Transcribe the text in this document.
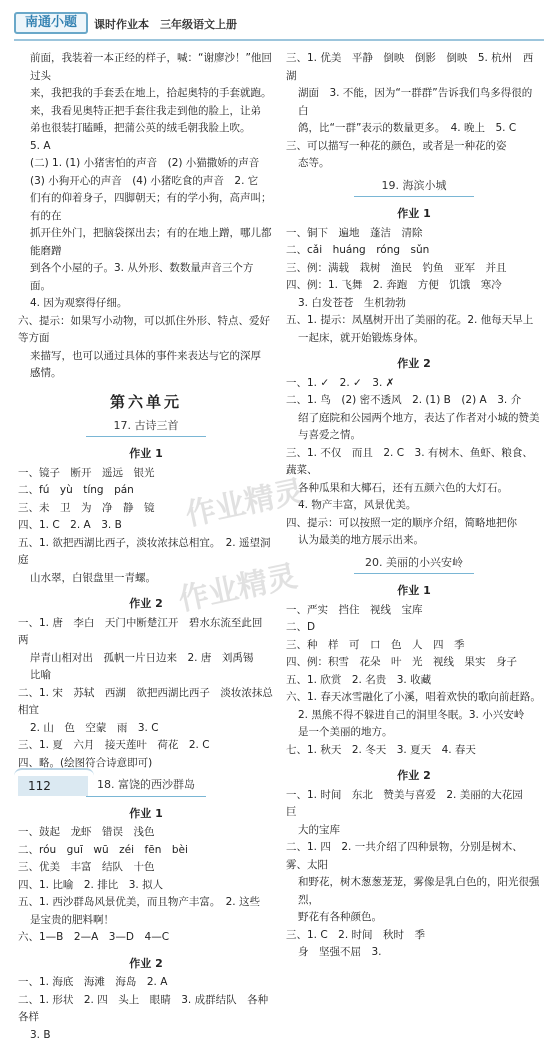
南通小题	课时作业本　三年级语文上册
前面，我装着一本正经的样子，喊：“谢廖沙！”他回过头
来，我把我的手套丢在地上，拾起奥特的手套就跑。
来，我看见奥特正把手套往我走到他的脸上，让弟
弟也很装打瞌睡，把蒲公英的绒毛朝我脸上吹。
5. A
(二) 1. (1) 小猪害怕的声音　(2) 小猫撒娇的声音
(3) 小狗开心的声音　(4) 小猪吃食的声音　2. 它
们有的仰着身子，四脚朝天；有的学小狗，高声叫；有的在
抓开住外门，把脑袋探出去；有的在地上蹭，哪儿都能磨蹭
到各个小屋的子。3. 从外形、数数量声音三个方面。
4. 因为观察得仔细。
六、提示：如果写小动物，可以抓住外形、特点、爱好等方面
来描写，也可以通过具体的事件来表达与它的深厚
感情。
第六单元
17. 古诗三首
作业 1
一、镜子　断开　遥远　银光
二、fú　yù　tíng　pán
三、未　卫　为　净　静　镜
四、1. C　2. A　3. B
五、1. 欲把西湖比西子，淡妆浓抹总相宜。　2. 遥望洞庭
山水翠，白银盘里一青螺。
作业 2
一、1. 唐　李白　天门中断楚江开　碧水东流至此回　两
岸青山相对出　孤帆一片日边来　2. 唐　刘禹锡
比喻
二、1. 宋　苏轼　西湖　欲把西湖比西子　淡妆浓抹总相宜
2. 山　色　空蒙　雨　3. C
三、1. 夏　六月　接天莲叶　荷花　2. C
四、略。(绘图符合诗意即可)
18. 富饶的西沙群岛
作业 1
一、鼓起　龙虾　错误　浅色
二、róu　guī　wū　zéi　fēn　bèi
三、优美　丰富　结队　十色
四、1. 比喻　2. 排比　3. 拟人
五、1. 西沙群岛风景优美，而且物产丰富。　2. 这些
是宝贵的肥料啊！
六、1—B　2—A　3—D　4—C
作业 2
一、1. 海底　海滩　海岛　2. A
二、1. 形状　2. 四　头上　眼睛　3. 成群结队　各种各样
3. B
三、1. 优美　平静　倒映　倒影　倒映　5. 杭州　西湖
湖面　3. 不能，因为“一群群”告诉我们鸟多得很的白
鸽，比“一群”表示的数量更多。　4. 晚上　5. C
三、可以描写一种花的颜色，或者是一种花的姿
态等。
19. 海滨小城
作业 1
一、铜下　遍地　蓬洁　清除
二、cǎi　huáng　róng　sǔn
三、例：满载　栽树　渔民　钓鱼　亚军　并且
四、例：1. 飞舞　2. 奔跑　方便　饥饿　寒冷
3. 白发苍苍　生机勃勃
五、1. 提示：凤凰树开出了美丽的花。2. 他每天早上
一起床，就开始锻炼身体。
作业 2
一、1. ✓　2. ✓　3. ✗
二、1. 鸟　(2) 密不透风　2. (1) B　(2) A　3. 介
绍了庭院和公园两个地方，表达了作者对小城的赞美
与喜爱之情。
三、1. 不仅　而且　2. C　3. 有树木、鱼虾、粮食、蔬菜、
各种瓜果和大椰石，还有五颜六色的大灯石。
4. 物产丰富，风景优美。
四、提示：可以按照一定的顺序介绍，简略地把你
认为最美的地方展示出来。
20. 美丽的小兴安岭
作业 1
一、严实　挡住　视线　宝库
二、D
三、种　样　可　口　色　人　四　季
四、例：积雪　花朵　叶　光　视线　果实　身子
五、1. 欣赏　2. 名贵　3. 收藏
六、1. 春天冰雪融化了小溪，唱着欢快的歌向前赶路。
2. 黑熊不得不躲进自己的洞里冬眠。3. 小兴安岭
是一个美丽的地方。
七、1. 秋天　2. 冬天　3. 夏天　4. 春天
作业 2
一、1. 时间　东北　赞美与喜爱　2. 美丽的大花园　巨
大的宝库
二、1. 四　2. 一共介绍了四种景物，分别是树木、雾、太阳
和野花，树木葱葱茏茏，雾像是乳白色的，阳光很强烈，
野花有各种颜色。
三、1. C　2. 时间　秋时　季　
身　坚强不屈　3.
作业精灵
作业精灵
112
